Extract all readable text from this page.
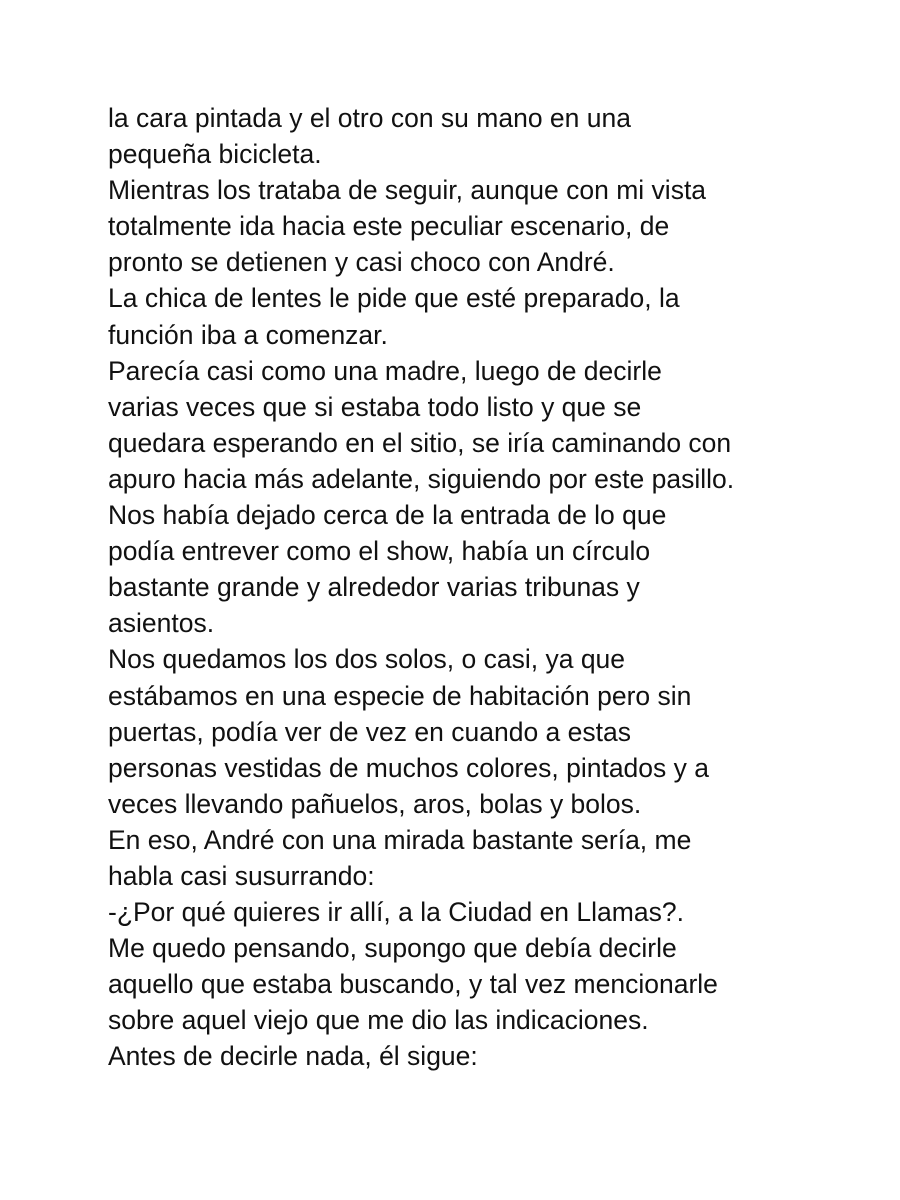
la cara pintada y el otro con su mano en una
pequeña bicicleta.
Mientras los trataba de seguir, aunque con mi vista
totalmente ida hacia este peculiar escenario, de
pronto se detienen y casi choco con André.
La chica de lentes le pide que esté preparado, la
función iba a comenzar.
Parecía casi como una madre, luego de decirle
varias veces que si estaba todo listo y que se
quedara esperando en el sitio, se iría caminando con
apuro hacia más adelante, siguiendo por este pasillo.
Nos había dejado cerca de la entrada de lo que
podía entrever como el show, había un círculo
bastante grande y alrededor varias tribunas y
asientos.
Nos quedamos los dos solos, o casi, ya que
estábamos en una especie de habitación pero sin
puertas, podía ver de vez en cuando a estas
personas vestidas de muchos colores, pintados y a
veces llevando pañuelos, aros, bolas y bolos.
En eso, André con una mirada bastante sería, me
habla casi susurrando:
-¿Por qué quieres ir allí, a la Ciudad en Llamas?.
Me quedo pensando, supongo que debía decirle
aquello que estaba buscando, y tal vez mencionarle
sobre aquel viejo que me dio las indicaciones.
Antes de decirle nada, él sigue:
